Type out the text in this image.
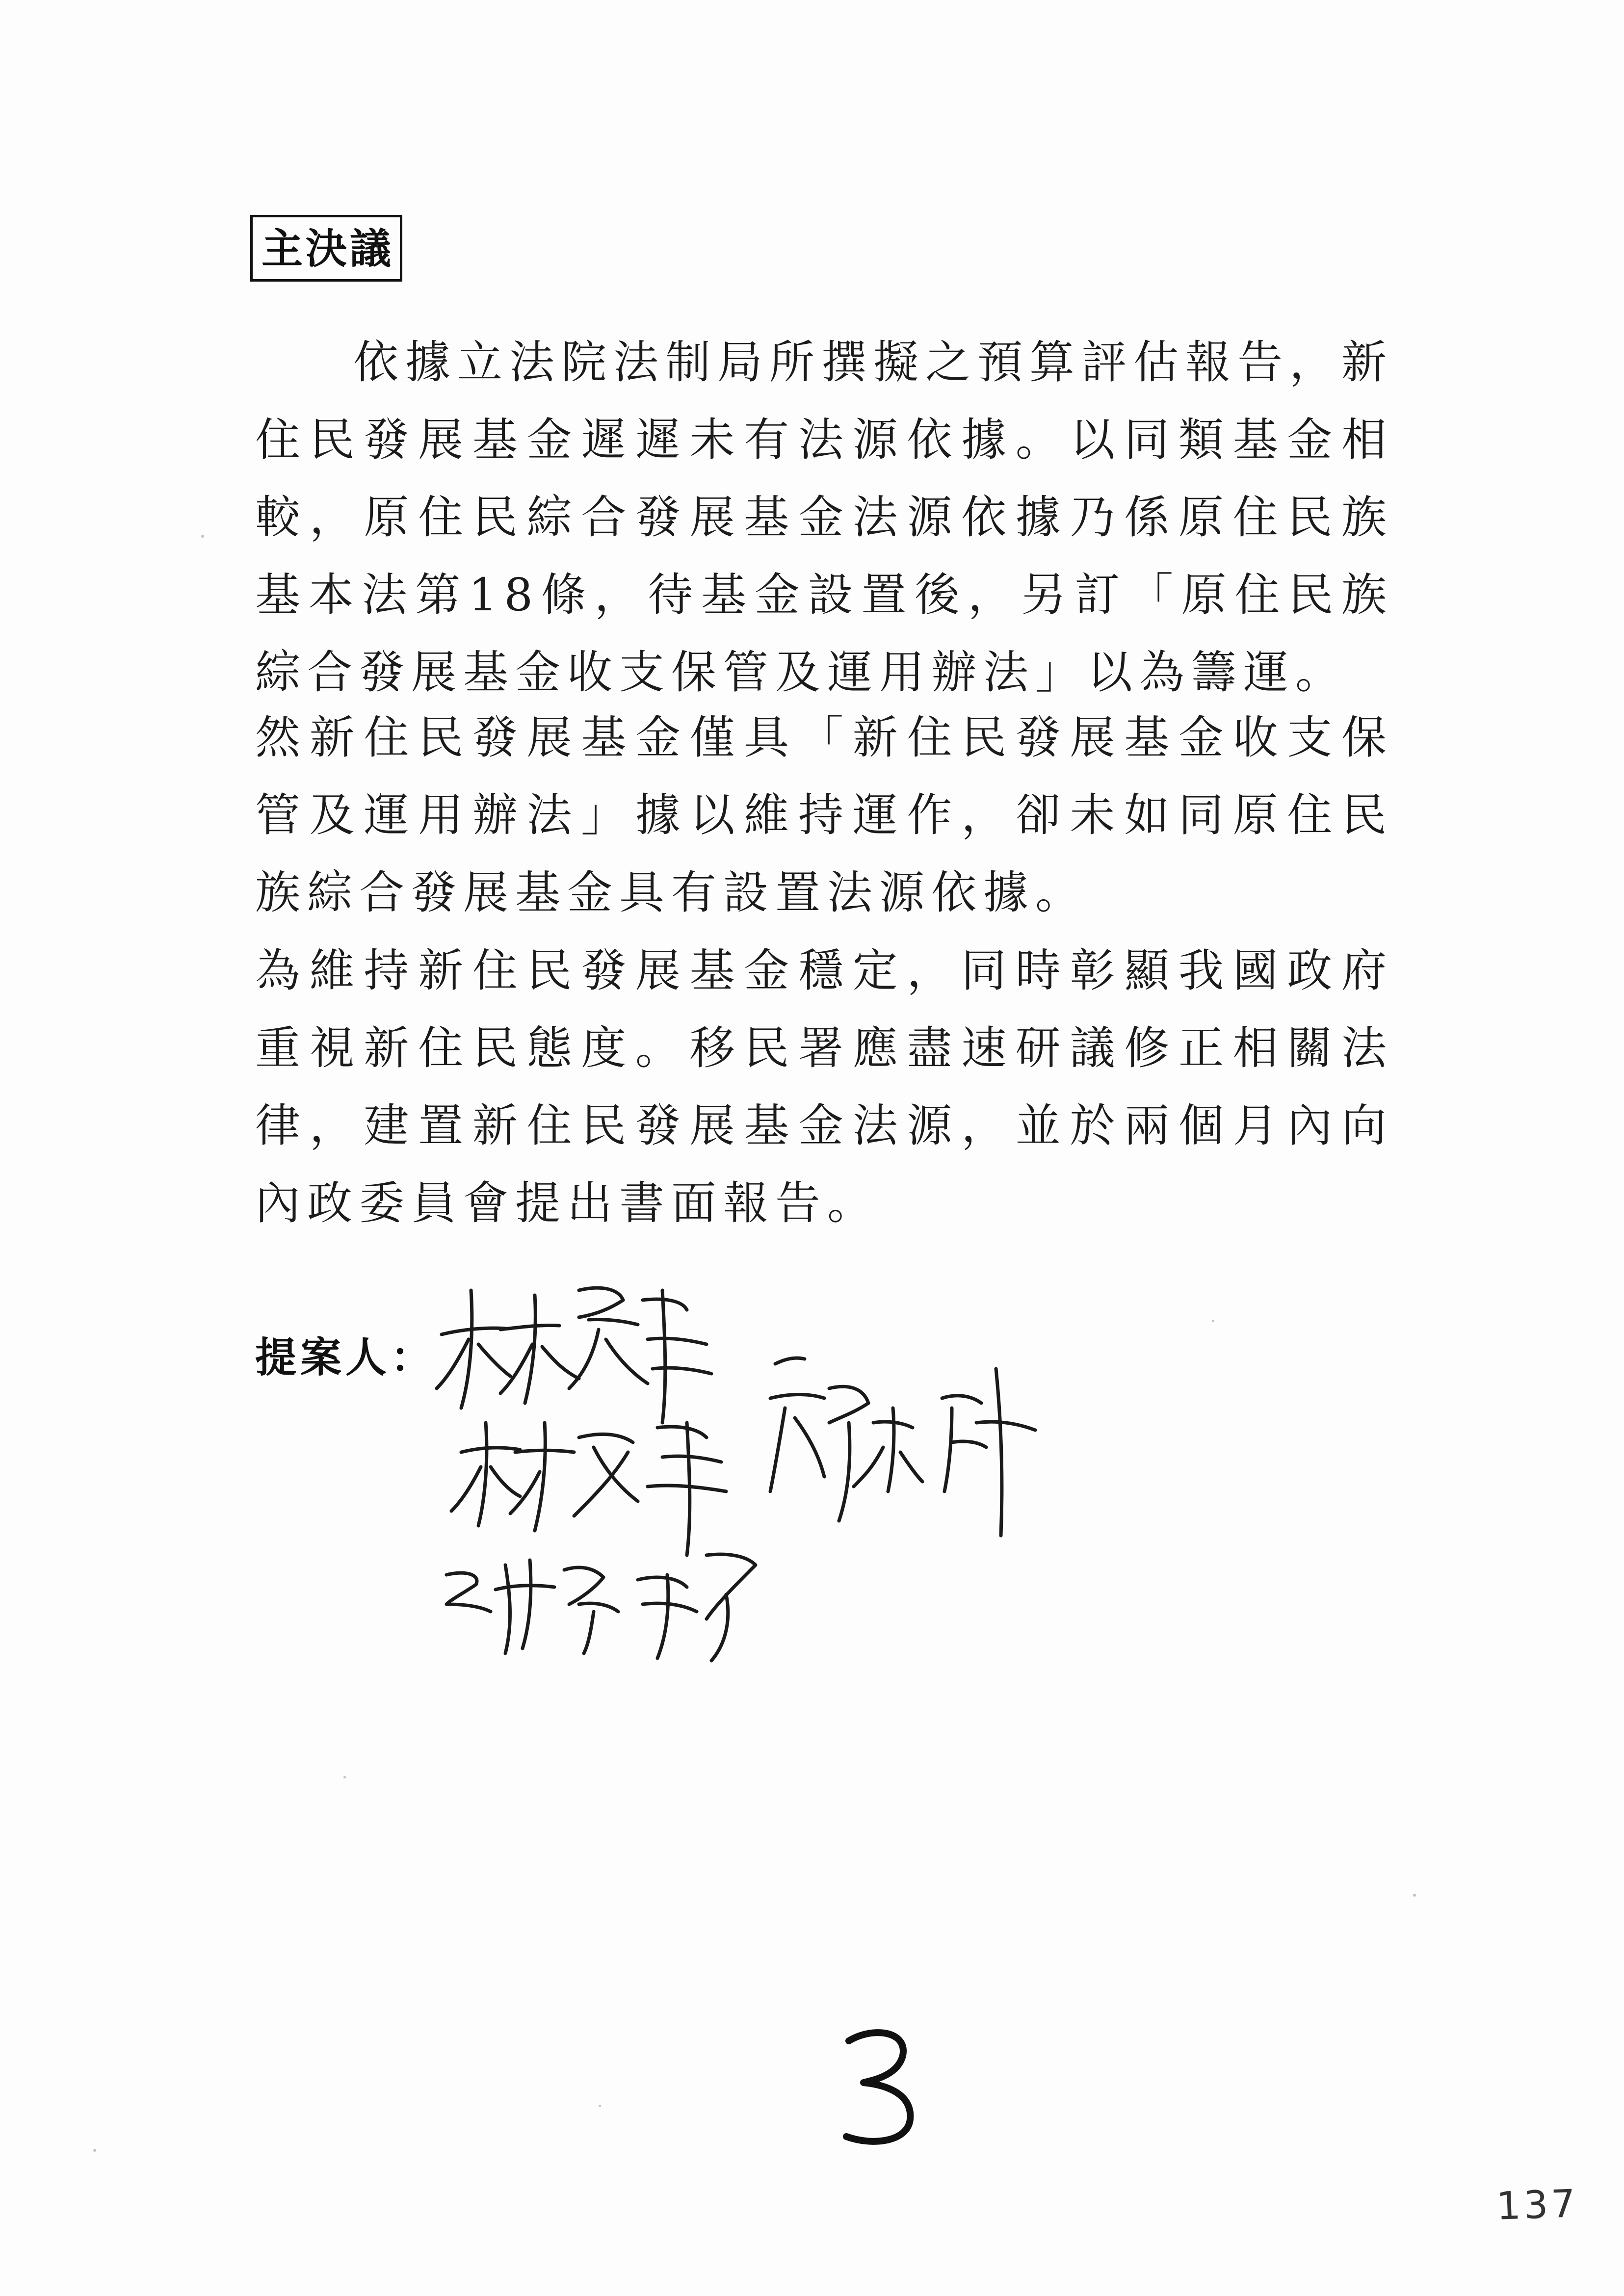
主決議

依據立法院法制局所撰擬之預算評估報告，新住民發展基金遲遲未有法源依據。以同類基金相較，原住民綜合發展基金法源依據乃係原住民族基本法第18條，待基金設置後，另訂「原住民族綜合發展基金收支保管及運用辦法」以為籌運。

然新住民發展基金僅具「新住民發展基金收支保管及運用辦法」據以維持運作，卻未如同原住民族綜合發展基金具有設置法源依據。

為維持新住民發展基金穩定，同時彰顯我國政府重視新住民態度。移民署應盡速研議修正相關法律，建置新住民發展基金法源，並於兩個月內向內政委員會提出書面報告。

提案人：
3
137
